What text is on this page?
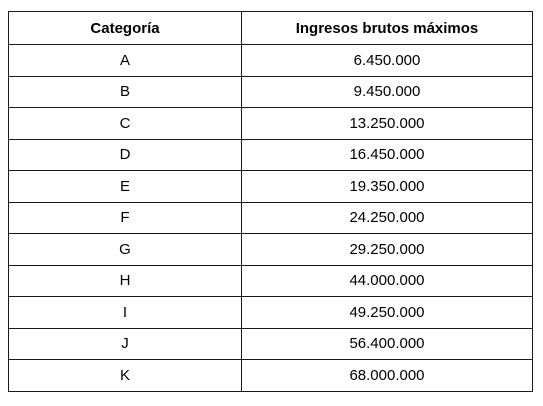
Categoría	Ingresos brutos máximos
A	6.450.000
B	9.450.000
C	13.250.000
D	16.450.000
E	19.350.000
F	24.250.000
G	29.250.000
H	44.000.000
I	49.250.000
J	56.400.000
K	68.000.000
